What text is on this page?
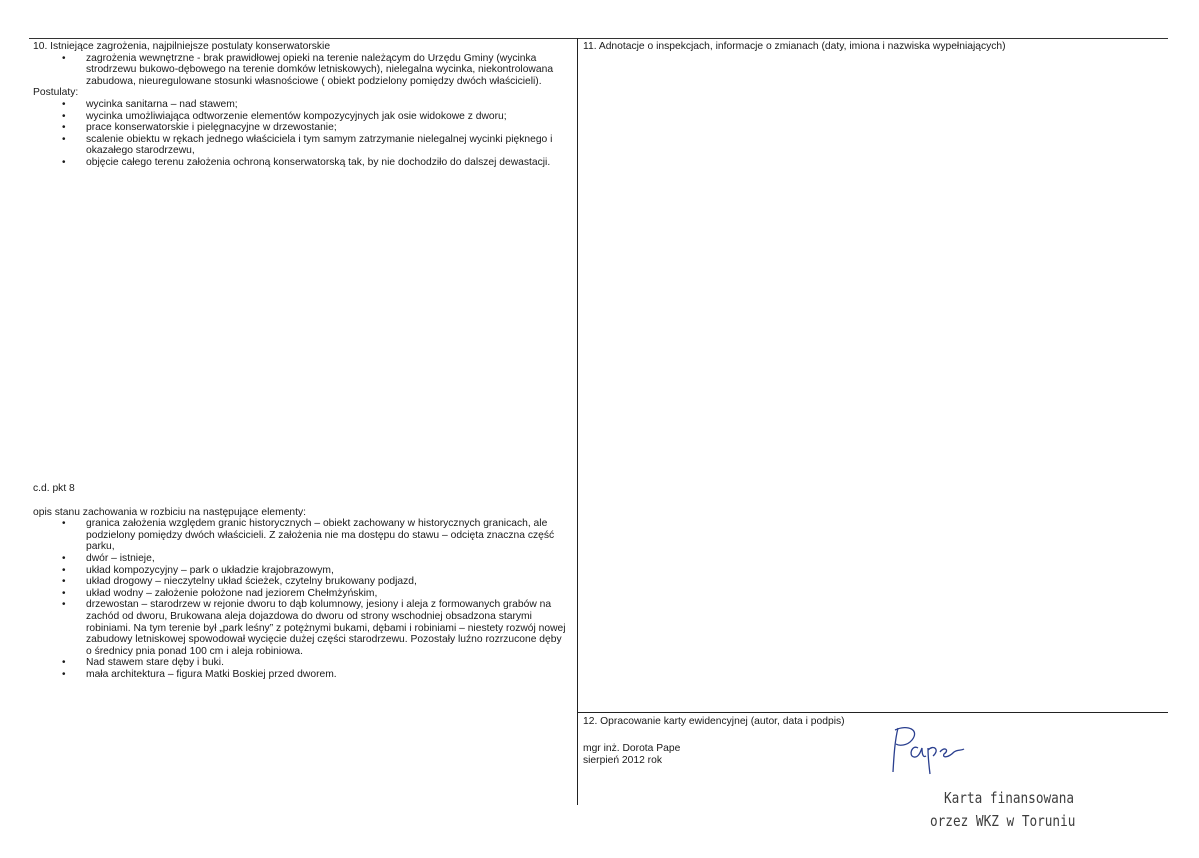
10. Istniejące zagrożenia, najpilniejsze postulaty konserwatorskie
• zagrożenia wewnętrzne - brak prawidłowej opieki na terenie należącym do Urzędu Gminy (wycinka strodrzewu bukowo-dębowego na terenie domków letniskowych), nielegalna wycinka, niekontrolowana zabudowa, nieuregulowane stosunki własnościowe ( obiekt podzielony pomiędzy dwóch właścicieli).
Postulaty:
• wycinka sanitarna – nad stawem;
• wycinka umożliwiająca odtworzenie elementów kompozycyjnych jak osie widokowe z dworu;
• prace konserwatorskie i pielęgnacyjne w drzewostanie;
• scalenie obiektu w rękach jednego właściciela i tym samym zatrzymanie nielegalnej wycinki pięknego i okazałego starodrzewu,
• objęcie całego terenu założenia ochroną konserwatorską tak, by nie dochodziło do dalszej dewastacji.
c.d. pkt 8
opis stanu zachowania w rozbiciu na następujące elementy:
• granica założenia względem granic historycznych – obiekt zachowany w historycznych granicach, ale podzielony pomiędzy dwóch właścicieli. Z założenia nie ma dostępu do stawu – odcięta znaczna część parku,
• dwór – istnieje,
• układ kompozycyjny – park o układzie krajobrazowym,
• układ drogowy – nieczytelny układ ścieżek, czytelny brukowany podjazd,
• układ wodny – założenie położone nad jeziorem Chełmżyńskim,
• drzewostan – starodrzew w rejonie dworu to dąb kolumnowy, jesiony i aleja z formowanych grabów na zachód od dworu, Brukowana aleja dojazdowa do dworu od strony wschodniej obsadzona starymi robiniami. Na tym terenie był „park leśny” z potężnymi bukami, dębami i robiniami – niestety rozwój nowej zabudowy letniskowej spowodował wycięcie dużej części starodrzewu. Pozostały luźno rozrzucone dęby o średnicy pnia ponad 100 cm i aleja robiniowa.
• Nad stawem stare dęby i buki.
• mała architektura – figura Matki Boskiej przed dworem.
11. Adnotacje o inspekcjach, informacje o zmianach (daty, imiona i nazwiska wypełniających)
12. Opracowanie karty ewidencyjnej (autor, data i podpis)
mgr inż. Dorota Pape
sierpień 2012 rok
Karta finansowana
orzez WKZ w Toruniu
